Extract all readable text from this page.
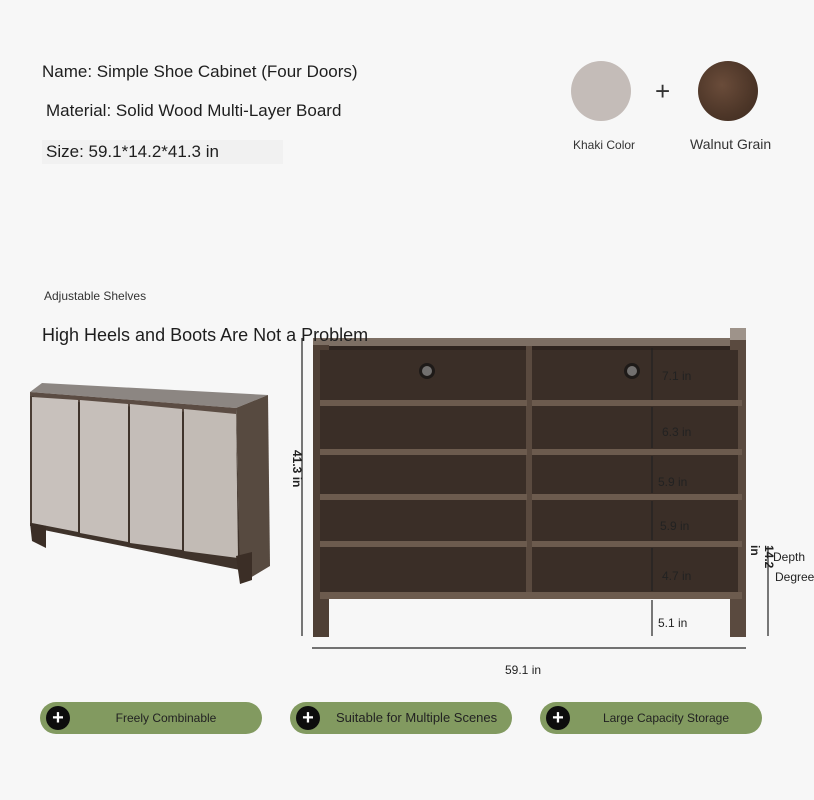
Name: Simple Shoe Cabinet (Four Doors)
Material: Solid Wood Multi-Layer Board
Size: 59.1*14.2*41.3 in
+
Khaki Color	Walnut Grain
Adjustable Shelves
High Heels and Boots Are Not a Problem
7.1 in
6.3 in
5.9 in
5.9 in
4.7 in
5.1 in
41.3 in
59.1 in
14.2 in Depth
Degree
+	Freely Combinable	+	Suitable for Multiple Scenes	+	Large Capacity Storage
